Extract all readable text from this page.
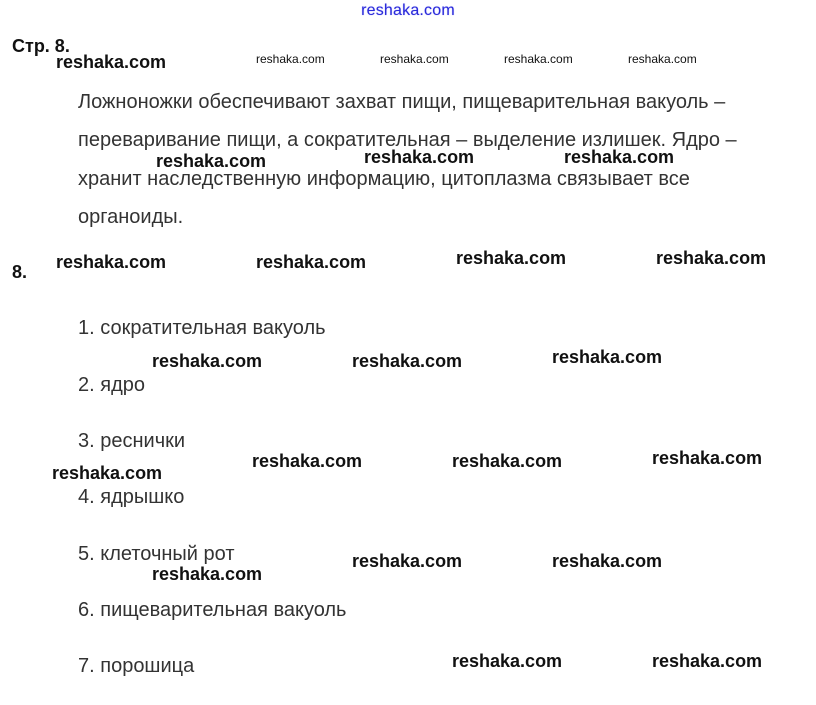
reshaka.com
Стр. 8.
Ложноножки обеспечивают захват пищи, пищеварительная вакуоль –
переваривание пищи, а сократительная – выделение излишек. Ядро –
хранит наследственную информацию, цитоплазма связывает все
органоиды.
8.
1. сократительная вакуоль
2. ядро
3. реснички
4. ядрышко
5. клеточный рот
6. пищеварительная вакуоль
7. порошица
reshaka.com	reshaka.com	reshaka.com	reshaka.com
reshaka.com
reshaka.com	reshaka.com	reshaka.com
reshaka.com	reshaka.com	reshaka.com	reshaka.com
reshaka.com	reshaka.com	reshaka.com
reshaka.com
reshaka.com	reshaka.com	reshaka.com
reshaka.com
reshaka.com	reshaka.com
reshaka.com	reshaka.com
